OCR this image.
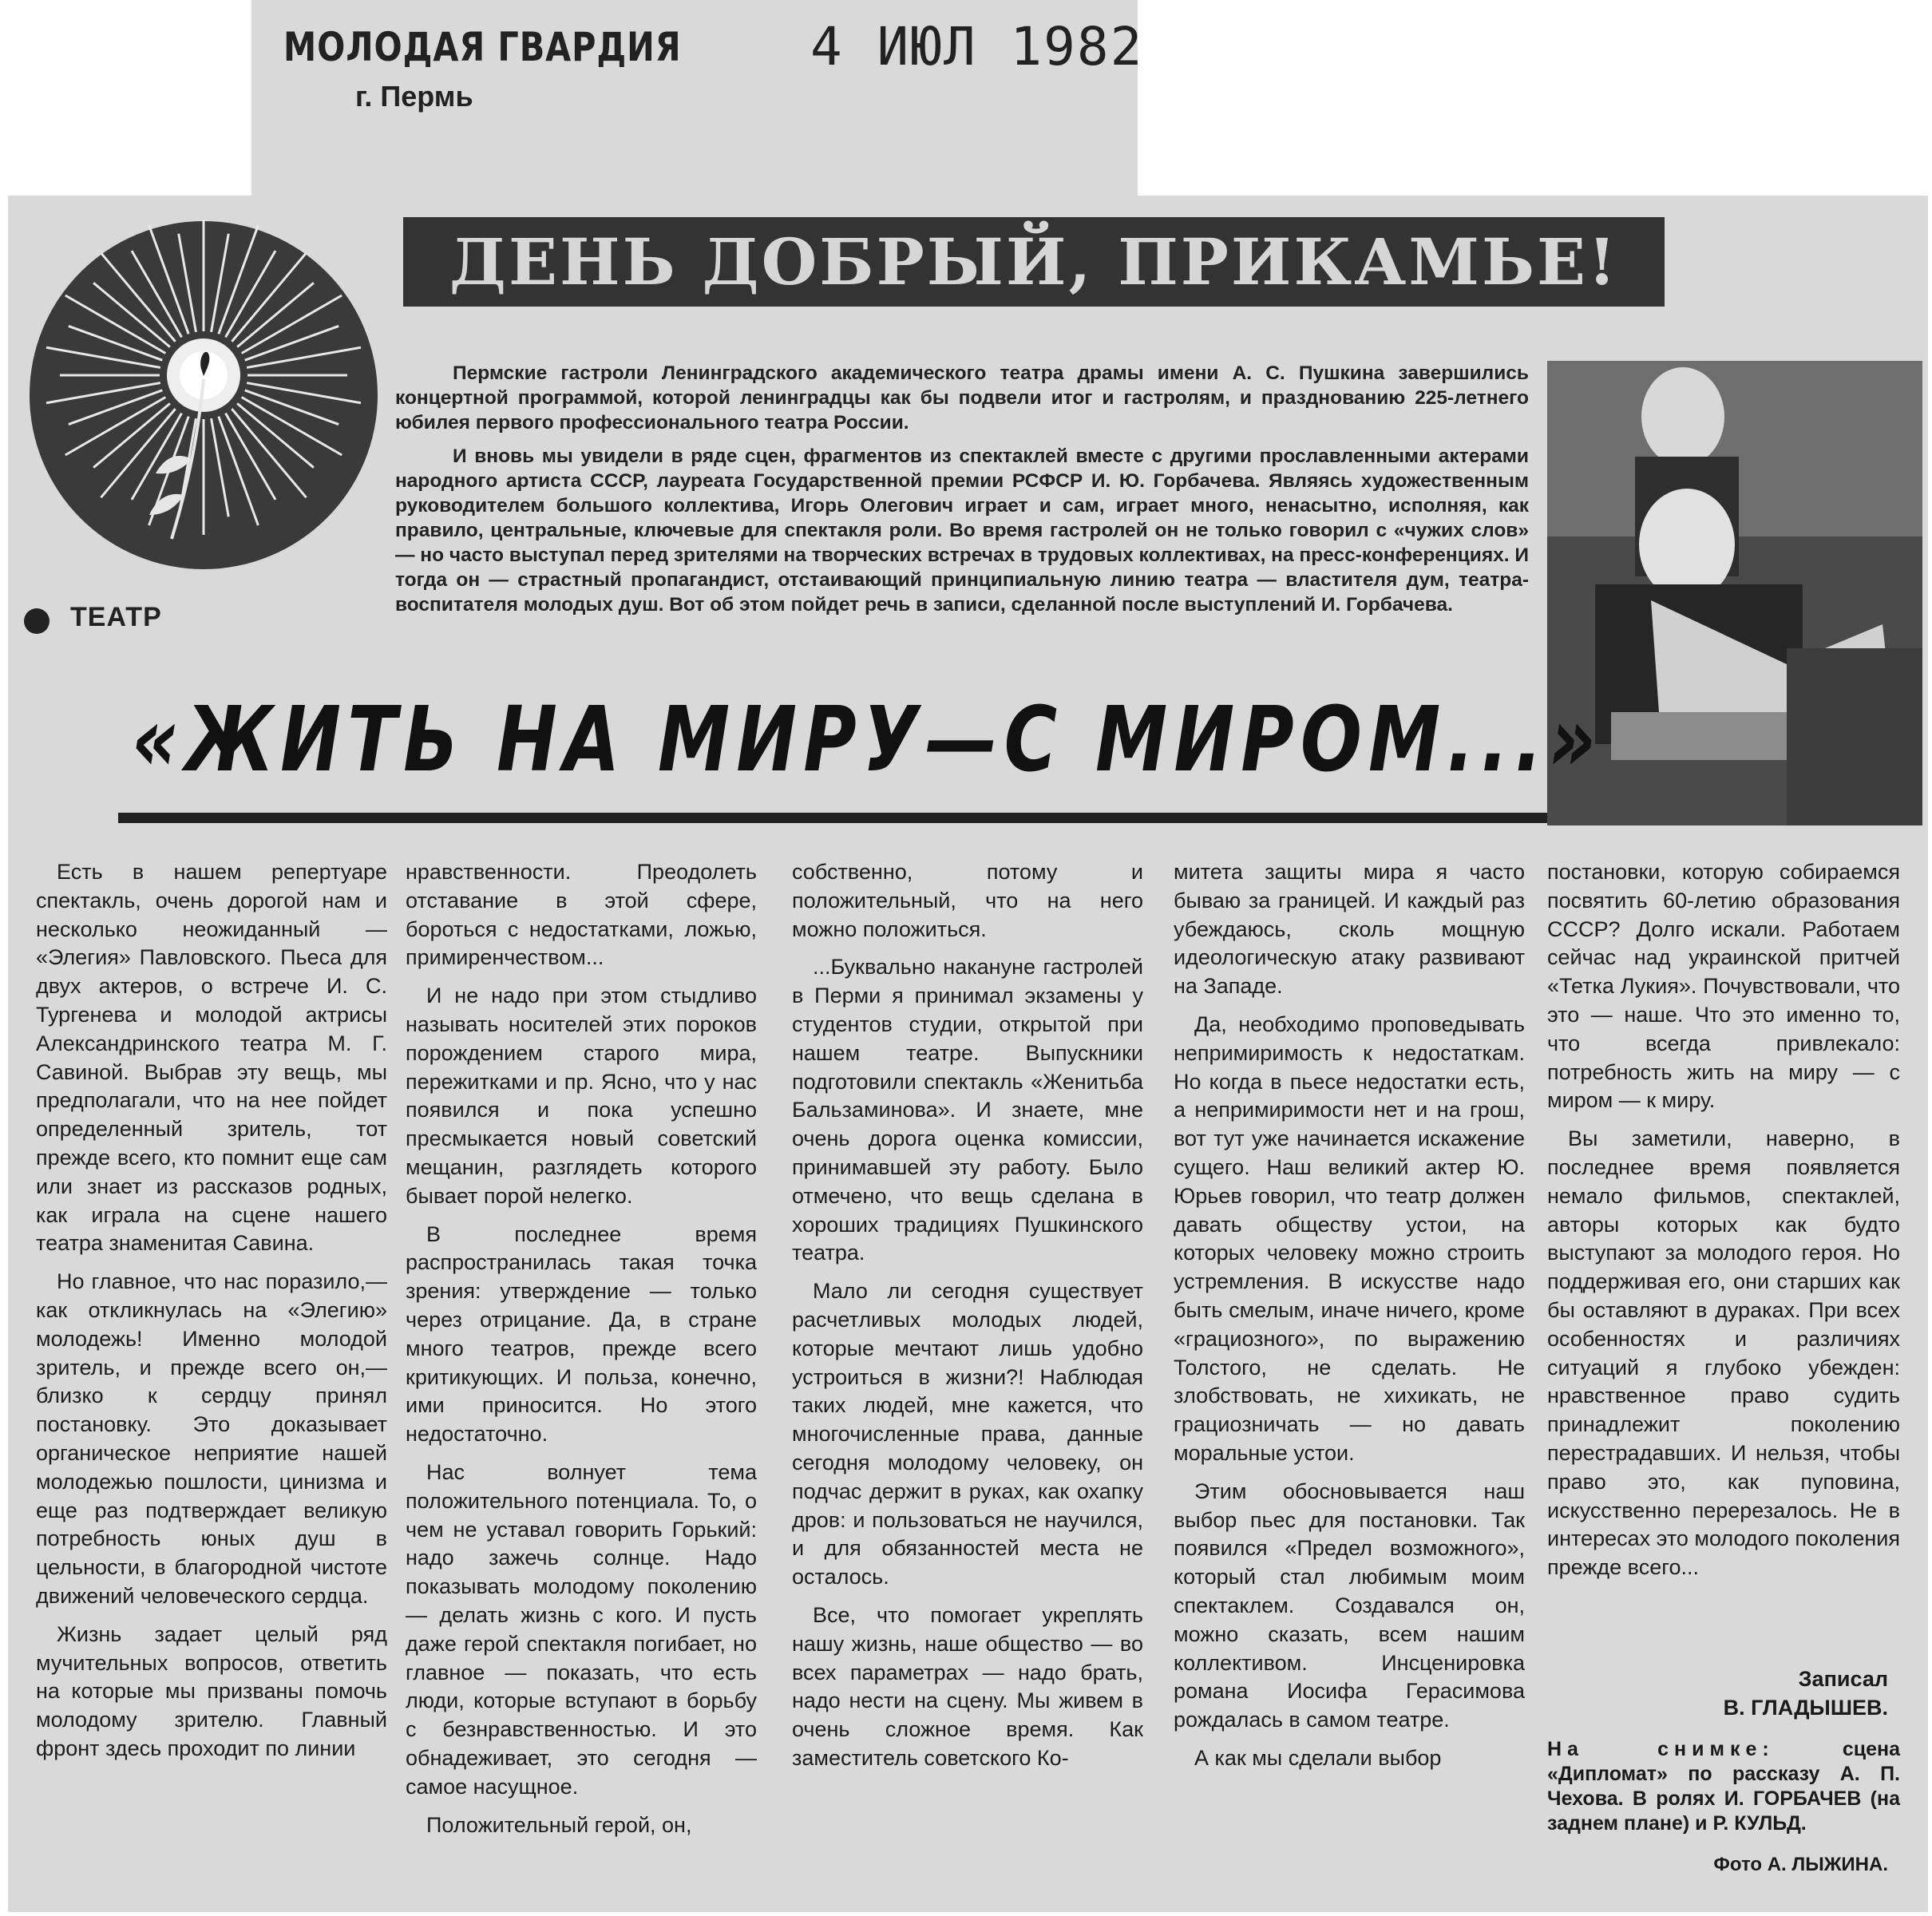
МОЛОДАЯ ГВАРДИЯ
г. Пермь
4 ИЮЛ 1982
ДЕНЬ ДОБРЫЙ, ПРИКАМЬЕ!
ТЕАТР

Пермские гастроли Ленинградского академического театра драмы имени А. С. Пушкина завершились концертной программой, которой ленинградцы как бы подвели итог и гастролям, и празднованию 225-летнего юбилея первого профессионального театра России.

И вновь мы увидели в ряде сцен, фрагментов из спектаклей вместе с другими прославленными актерами народного артиста СССР, лауреата Государственной премии РСФСР И. Ю. Горбачева. Являясь художественным руководителем большого коллектива, Игорь Олегович играет и сам, играет много, ненасытно, исполняя, как правило, центральные, ключевые для спектакля роли. Во время гастролей он не только говорил с «чужих слов» — но часто выступал перед зрителями на творческих встречах в трудовых коллективах, на пресс-конференциях. И тогда он — страстный пропагандист, отстаивающий принципиальную линию театра — властителя дум, театра-воспитателя молодых душ. Вот об этом пойдет речь в записи, сделанной после выступлений И. Горбачева.

«ЖИТЬ НА МИРУ—С МИРОМ...»

Есть в нашем репертуаре спектакль, очень дорогой нам и несколько неожиданный — «Элегия» Павловского. Пьеса для двух актеров, о встрече И. С. Тургенева и молодой актрисы Александринского театра М. Г. Савиной. Выбрав эту вещь, мы предполагали, что на нее пойдет определенный зритель, тот прежде всего, кто помнит еще сам или знает из рассказов родных, как играла на сцене нашего театра знаменитая Савина.

Но главное, что нас поразило,— как откликнулась на «Элегию» молодежь! Именно молодой зритель, и прежде всего он,— близко к сердцу принял постановку. Это доказывает органическое неприятие нашей молодежью пошлости, цинизма и еще раз подтверждает великую потребность юных душ в цельности, в благородной чистоте движений человеческого сердца.

Жизнь задает целый ряд мучительных вопросов, ответить на которые мы призваны помочь молодому зрителю. Главный фронт здесь проходит по линии

нравственности. Преодолеть отставание в этой сфере, бороться с недостатками, ложью, примиренчеством...

И не надо при этом стыдливо называть носителей этих пороков порождением старого мира, пережитками и пр. Ясно, что у нас появился и пока успешно пресмыкается новый советский мещанин, разглядеть которого бывает порой нелегко.

В последнее время распространилась такая точка зрения: утверждение — только через отрицание. Да, в стране много театров, прежде всего критикующих. И польза, конечно, ими приносится. Но этого недостаточно.

Нас волнует тема положительного потенциала. То, о чем не уставал говорить Горький: надо зажечь солнце. Надо показывать молодому поколению — делать жизнь с кого. И пусть даже герой спектакля погибает, но главное — показать, что есть люди, которые вступают в борьбу с безнравственностью. И это обнадеживает, это сегодня — самое насущное.

Положительный герой, он,

собственно, потому и положительный, что на него можно положиться.

...Буквально накануне гастролей в Перми я принимал экзамены у студентов студии, открытой при нашем театре. Выпускники подготовили спектакль «Женитьба Бальзаминова». И знаете, мне очень дорога оценка комиссии, принимавшей эту работу. Было отмечено, что вещь сделана в хороших традициях Пушкинского театра.

Мало ли сегодня существует расчетливых молодых людей, которые мечтают лишь удобно устроиться в жизни?! Наблюдая таких людей, мне кажется, что многочисленные права, данные сегодня молодому человеку, он подчас держит в руках, как охапку дров: и пользоваться не научился, и для обязанностей места не осталось.

Все, что помогает укреплять нашу жизнь, наше общество — во всех параметрах — надо брать, надо нести на сцену. Мы живем в очень сложное время. Как заместитель советского Ко-

митета защиты мира я часто бываю за границей. И каждый раз убеждаюсь, сколь мощную идеологическую атаку развивают на Западе.

Да, необходимо проповедывать непримиримость к недостаткам. Но когда в пьесе недостатки есть, а непримиримости нет и на грош, вот тут уже начинается искажение сущего. Наш великий актер Ю. Юрьев говорил, что театр должен давать обществу устои, на которых человеку можно строить устремления. В искусстве надо быть смелым, иначе ничего, кроме «грациозного», по выражению Толстого, не сделать. Не злобствовать, не хихикать, не грациозничать — но давать моральные устои.

Этим обосновывается наш выбор пьес для постановки. Так появился «Предел возможного», который стал любимым моим спектаклем. Создавался он, можно сказать, всем нашим коллективом. Инсценировка романа Иосифа Герасимова рождалась в самом театре.

А как мы сделали выбор

постановки, которую собираемся посвятить 60-летию образования СССР? Долго искали. Работаем сейчас над украинской притчей «Тетка Лукия». Почувствовали, что это — наше. Что это именно то, что всегда привлекало: потребность жить на миру — с миром — к миру.

Вы заметили, наверно, в последнее время появляется немало фильмов, спектаклей, авторы которых как будто выступают за молодого героя. Но поддерживая его, они старших как бы оставляют в дураках. При всех особенностях и различиях ситуаций я глубоко убежден: нравственное право судить принадлежит поколению перестрадавших. И нельзя, чтобы право это, как пуповина, искусственно перерезалось. Не в интересах это молодого поколения прежде всего...

Записал
В. ГЛАДЫШЕВ.

На снимке:	сцена «Дипломат» по рассказу А. П. Чехова. В ролях И. ГОРБАЧЕВ (на заднем плане) и Р. КУЛЬД.

Фото А. ЛЫЖИНА.
